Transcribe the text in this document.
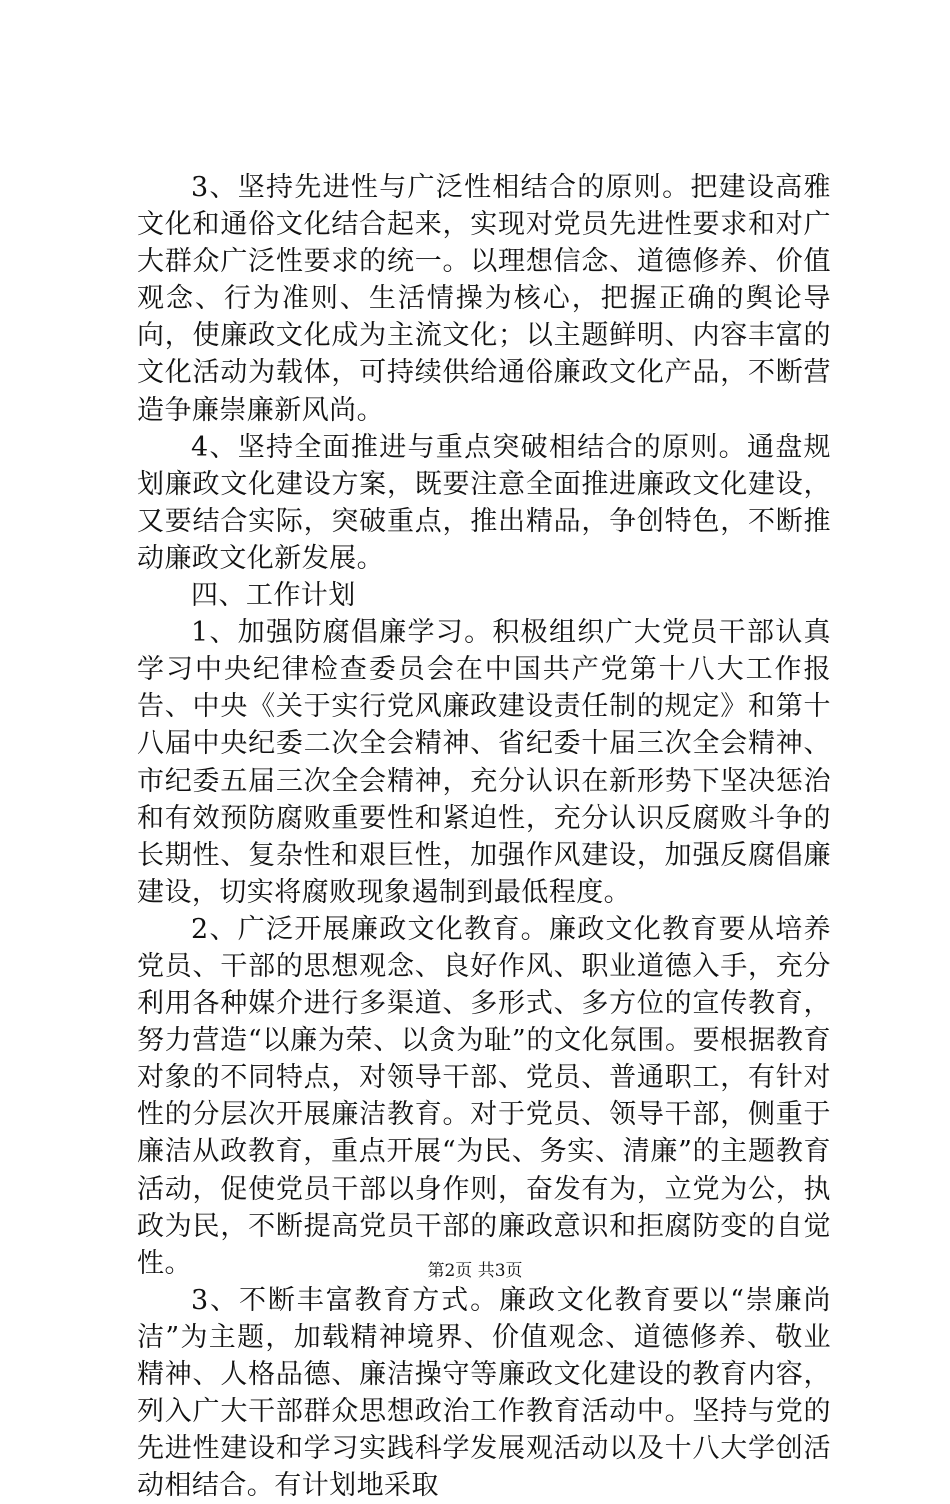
3、坚持先进性与广泛性相结合的原则。把建设高雅文化和通俗文化结合起来，实现对党员先进性要求和对广大群众广泛性要求的统一。以理想信念、道德修养、价值观念、行为准则、生活情操为核心，把握正确的舆论导向，使廉政文化成为主流文化；以主题鲜明、内容丰富的文化活动为载体，可持续供给通俗廉政文化产品，不断营造争廉崇廉新风尚。

4、坚持全面推进与重点突破相结合的原则。通盘规划廉政文化建设方案，既要注意全面推进廉政文化建设，又要结合实际，突破重点，推出精品，争创特色，不断推动廉政文化新发展。

四、工作计划

1、加强防腐倡廉学习。积极组织广大党员干部认真学习中央纪律检查委员会在中国共产党第十八大工作报告、中央《关于实行党风廉政建设责任制的规定》和第十八届中央纪委二次全会精神、省纪委十届三次全会精神、市纪委五届三次全会精神，充分认识在新形势下坚决惩治和有效预防腐败重要性和紧迫性，充分认识反腐败斗争的长期性、复杂性和艰巨性，加强作风建设，加强反腐倡廉建设，切实将腐败现象遏制到最低程度。

2、广泛开展廉政文化教育。廉政文化教育要从培养党员、干部的思想观念、良好作风、职业道德入手，充分利用各种媒介进行多渠道、多形式、多方位的宣传教育，努力营造“以廉为荣、以贪为耻”的文化氛围。要根据教育对象的不同特点，对领导干部、党员、普通职工，有针对性的分层次开展廉洁教育。对于党员、领导干部，侧重于廉洁从政教育，重点开展“为民、务实、清廉”的主题教育活动，促使党员干部以身作则，奋发有为，立党为公，执政为民，不断提高党员干部的廉政意识和拒腐防变的自觉性。

3、不断丰富教育方式。廉政文化教育要以“崇廉尚洁”为主题，加载精神境界、价值观念、道德修养、敬业精神、人格品德、廉洁操守等廉政文化建设的教育内容，列入广大干部群众思想政治工作教育活动中。坚持与党的先进性建设和学习实践科学发展观活动以及十八大学创活动相结合。有计划地采取

第2页 共3页
